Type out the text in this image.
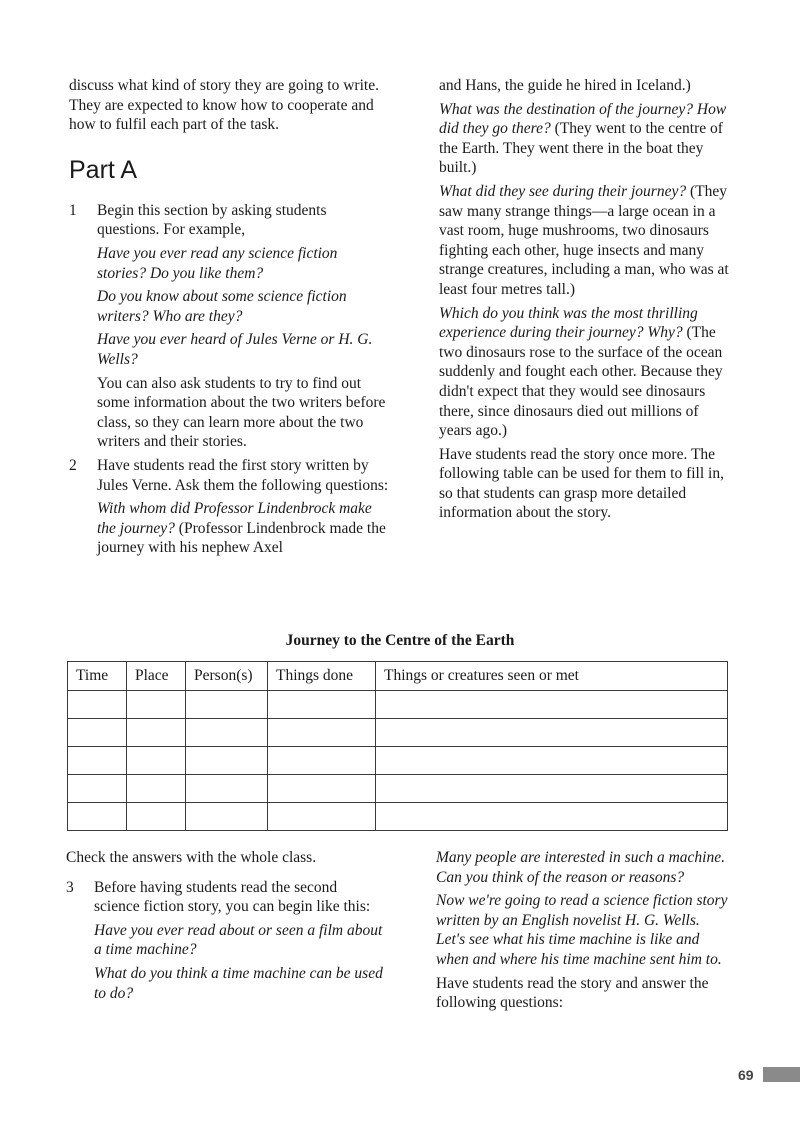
discuss what kind of story they are going to write. They are expected to know how to cooperate and how to fulfil each part of the task.

Part A
1	Begin this section by asking students questions. For example,

Have you ever read any science fiction stories? Do you like them?

Do you know about some science fiction writers? Who are they?

Have you ever heard of Jules Verne or H. G. Wells?

You can also ask students to try to find out some information about the two writers before class, so they can learn more about the two writers and their stories.

2	Have students read the first story written by Jules Verne. Ask them the following questions:

With whom did Professor Lindenbrock make the journey? (Professor Lindenbrock made the journey with his nephew Axel

and Hans, the guide he hired in Iceland.)

What was the destination of the journey? How did they go there? (They went to the centre of the Earth. They went there in the boat they built.)

What did they see during their journey? (They saw many strange things—a large ocean in a vast room, huge mushrooms, two dinosaurs fighting each other, huge insects and many strange creatures, including a man, who was at least four metres tall.)

Which do you think was the most thrilling experience during their journey? Why? (The two dinosaurs rose to the surface of the ocean suddenly and fought each other. Because they didn't expect that they would see dinosaurs there, since dinosaurs died out millions of years ago.)

Have students read the story once more. The following table can be used for them to fill in, so that students can grasp more detailed information about the story.

Journey to the Centre of the Earth
Time	Place	Person(s)	Things done	Things or creatures seen or met

Check the answers with the whole class.

3	Before having students read the second science fiction story, you can begin like this:

Have you ever read about or seen a film about a time machine?

What do you think a time machine can be used to do?

Many people are interested in such a machine. Can you think of the reason or reasons?

Now we're going to read a science fiction story written by an English novelist H. G. Wells. Let's see what his time machine is like and when and where his time machine sent him to.

Have students read the story and answer the following questions:

69
